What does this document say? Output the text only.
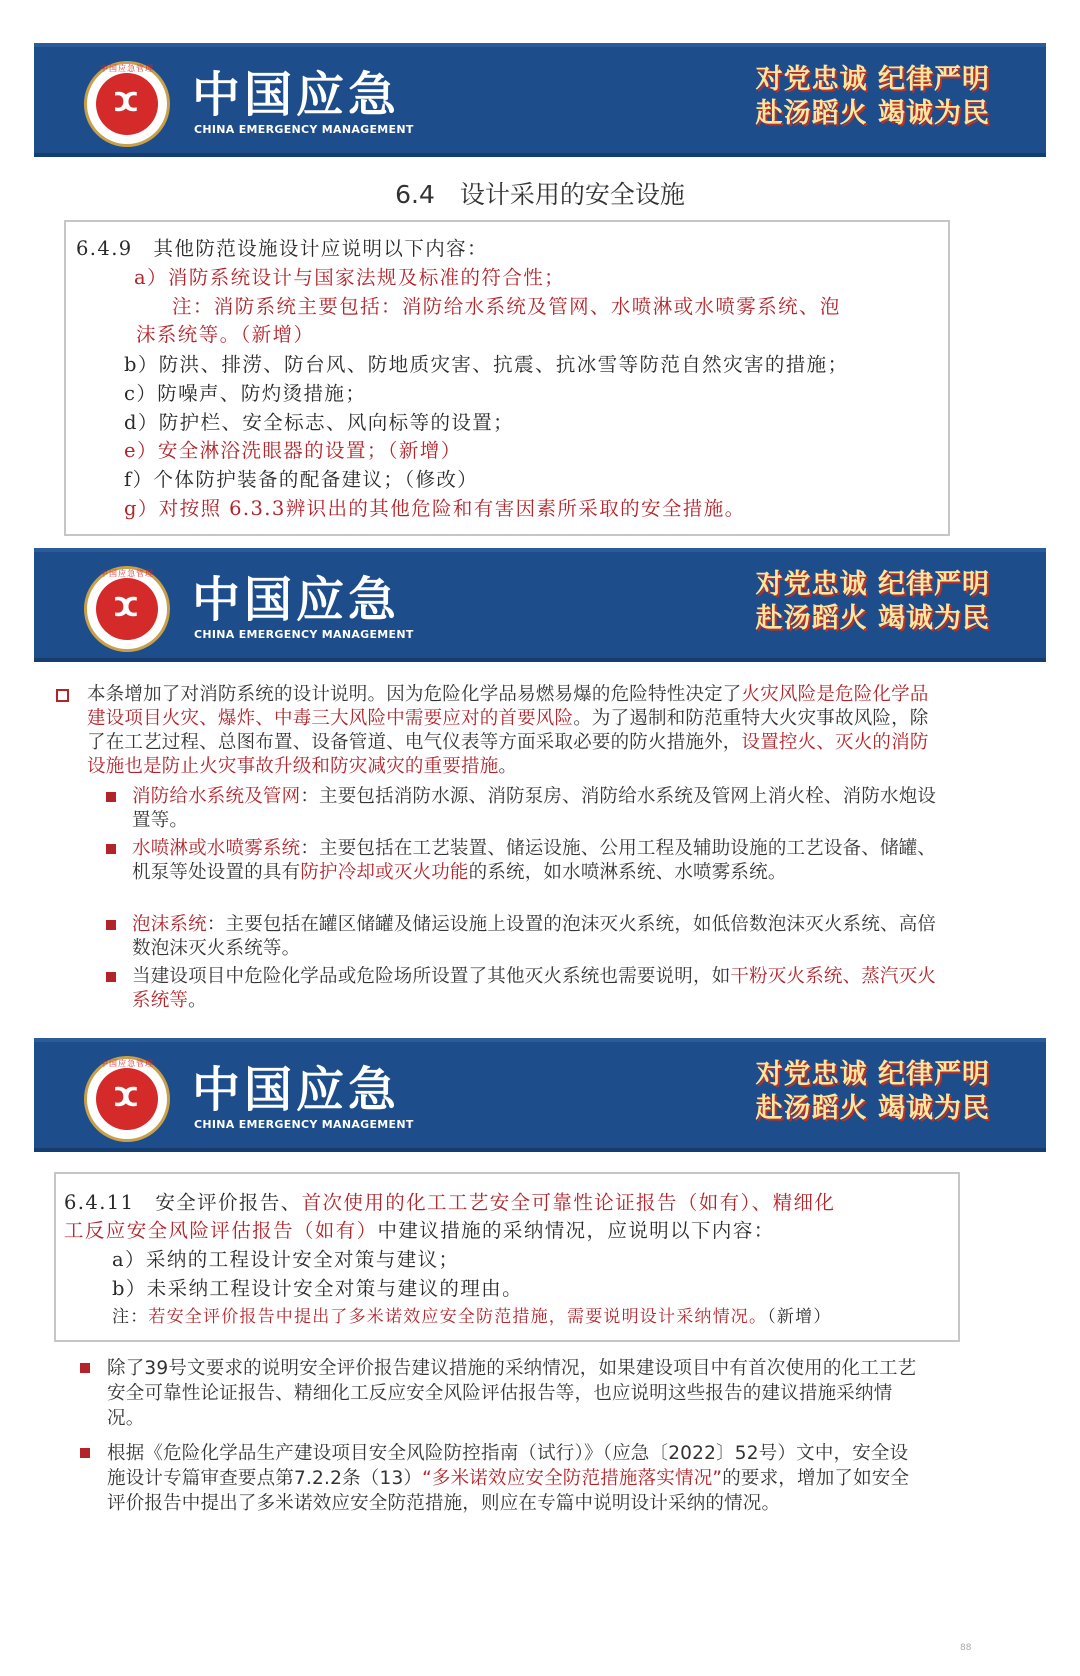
中国应急管理
ⵋ	中国应急
CHINA EMERGENCY MANAGEMENT
对党忠诚 纪律严明
赴汤蹈火 竭诚为民
6.4　设计采用的安全设施
6.4.9　其他防范设施设计应说明以下内容：
a）消防系统设计与国家法规及标准的符合性；
注：消防系统主要包括：消防给水系统及管网、水喷淋或水喷雾系统、泡
沫系统等。（新增）
b）防洪、排涝、防台风、防地质灾害、抗震、抗冰雪等防范自然灾害的措施；
c）防噪声、防灼烫措施；
d）防护栏、安全标志、风向标等的设置；
e）安全淋浴洗眼器的设置；（新增）
f）个体防护装备的配备建议；（修改）
g）对按照 6.3.3辨识出的其他危险和有害因素所采取的安全措施。
中国应急管理
ⵋ	中国应急
CHINA EMERGENCY MANAGEMENT
对党忠诚 纪律严明
赴汤蹈火 竭诚为民
本条增加了对消防系统的设计说明。因为危险化学品易燃易爆的危险特性决定了火灾风险是危险化学品建设项目火灾、爆炸、中毒三大风险中需要应对的首要风险。为了遏制和防范重特大火灾事故风险，除了在工艺过程、总图布置、设备管道、电气仪表等方面采取必要的防火措施外，设置控火、灭火的消防设施也是防止火灾事故升级和防灾减灾的重要措施。
消防给水系统及管网：主要包括消防水源、消防泵房、消防给水系统及管网上消火栓、消防水炮设置等。
水喷淋或水喷雾系统：主要包括在工艺装置、储运设施、公用工程及辅助设施的工艺设备、储罐、机泵等处设置的具有防护冷却或灭火功能的系统，如水喷淋系统、水喷雾系统。
泡沫系统：主要包括在罐区储罐及储运设施上设置的泡沫灭火系统，如低倍数泡沫灭火系统、高倍数泡沫灭火系统等。
当建设项目中危险化学品或危险场所设置了其他灭火系统也需要说明，如干粉灭火系统、蒸汽灭火系统等。
中国应急管理
ⵋ	中国应急
CHINA EMERGENCY MANAGEMENT
对党忠诚 纪律严明
赴汤蹈火 竭诚为民
6.4.11　安全评价报告、首次使用的化工工艺安全可靠性论证报告（如有）、精细化
工反应安全风险评估报告（如有）中建议措施的采纳情况，应说明以下内容：
a）采纳的工程设计安全对策与建议；
b）未采纳工程设计安全对策与建议的理由。
注：若安全评价报告中提出了多米诺效应安全防范措施，需要说明设计采纳情况。（新增）
除了39号文要求的说明安全评价报告建议措施的采纳情况，如果建设项目中有首次使用的化工工艺安全可靠性论证报告、精细化工反应安全风险评估报告等，也应说明这些报告的建议措施采纳情况。
根据《危险化学品生产建设项目安全风险防控指南（试行）》（应急〔2022〕52号）文中，安全设施设计专篇审查要点第7.2.2条（13）“多米诺效应安全防范措施落实情况”的要求，增加了如安全评价报告中提出了多米诺效应安全防范措施，则应在专篇中说明设计采纳的情况。
88
